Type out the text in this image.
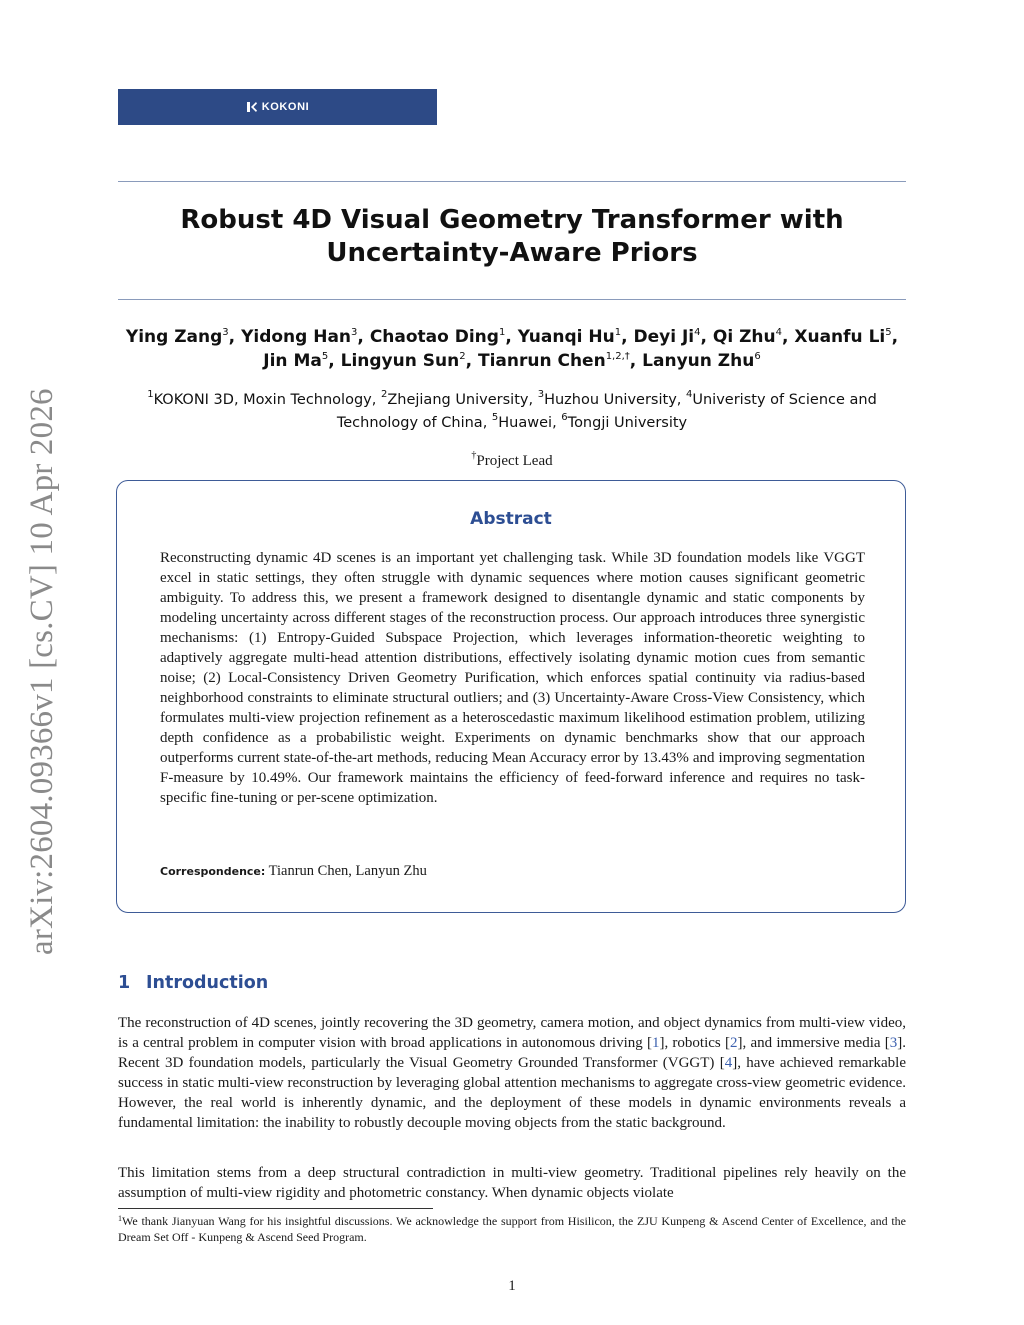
arXiv:2604.09366v1 [cs.CV] 10 Apr 2026
KOKONI
Robust 4D Visual Geometry Transformer with Uncertainty-Aware Priors
Ying Zang$^3$, Yidong Han$^3$, Chaotao Ding$^1$, Yuanqi Hu$^1$, Deyi Ji$^4$, Qi Zhu$^4$, Xuanfu Li$^5$,
Jin Ma$^5$, Lingyun Sun$^2$, Tianrun Chen$^{1,2,\dagger}$, Lanyun Zhu$^6$
$^1$KOKONI 3D, Moxin Technology, $^2$Zhejiang University, $^3$Huzhou University, $^4$Univeristy of Science and Technology of China, $^5$Huawei, $^6$Tongji University
†Project Lead
Abstract

Reconstructing dynamic 4D scenes is an important yet challenging task. While 3D foundation models like VGGT excel in static settings, they often struggle with dynamic sequences where motion causes significant geometric ambiguity. To address this, we present a framework designed to disentangle dynamic and static components by modeling uncertainty across different stages of the reconstruction process. Our approach introduces three synergistic mechanisms: (1) Entropy-Guided Subspace Projection, which leverages information-theoretic weighting to adaptively aggregate multi-head attention distributions, effectively isolating dynamic motion cues from semantic noise; (2) Local-Consistency Driven Geometry Purification, which enforces spatial continuity via radius-based neighborhood constraints to eliminate structural outliers; and (3) Uncertainty-Aware Cross-View Consistency, which formulates multi-view projection refinement as a heteroscedastic maximum likelihood estimation problem, utilizing depth confidence as a probabilistic weight. Experiments on dynamic benchmarks show that our approach outperforms current state-of-the-art methods, reducing Mean Accuracy error by 13.43% and improving segmentation F-measure by 10.49%. Our framework maintains the efficiency of feed-forward inference and requires no task-specific fine-tuning or per-scene optimization.

Correspondence: Tianrun Chen, Lanyun Zhu
1 Introduction

The reconstruction of 4D scenes, jointly recovering the 3D geometry, camera motion, and object dynamics from multi-view video, is a central problem in computer vision with broad applications in autonomous driving [1], robotics [2], and immersive media [3]. Recent 3D foundation models, particularly the Visual Geometry Grounded Transformer (VGGT) [4], have achieved remarkable success in static multi-view reconstruction by leveraging global attention mechanisms to aggregate cross-view geometric evidence. However, the real world is inherently dynamic, and the deployment of these models in dynamic environments reveals a fundamental limitation: the inability to robustly decouple moving objects from the static background.

This limitation stems from a deep structural contradiction in multi-view geometry. Traditional pipelines rely heavily on the assumption of multi-view rigidity and photometric constancy. When dynamic objects violate

$^1$We thank Jianyuan Wang for his insightful discussions. We acknowledge the support from Hisilicon, the ZJU Kunpeng & Ascend Center of Excellence, and the Dream Set Off - Kunpeng & Ascend Seed Program.

1
